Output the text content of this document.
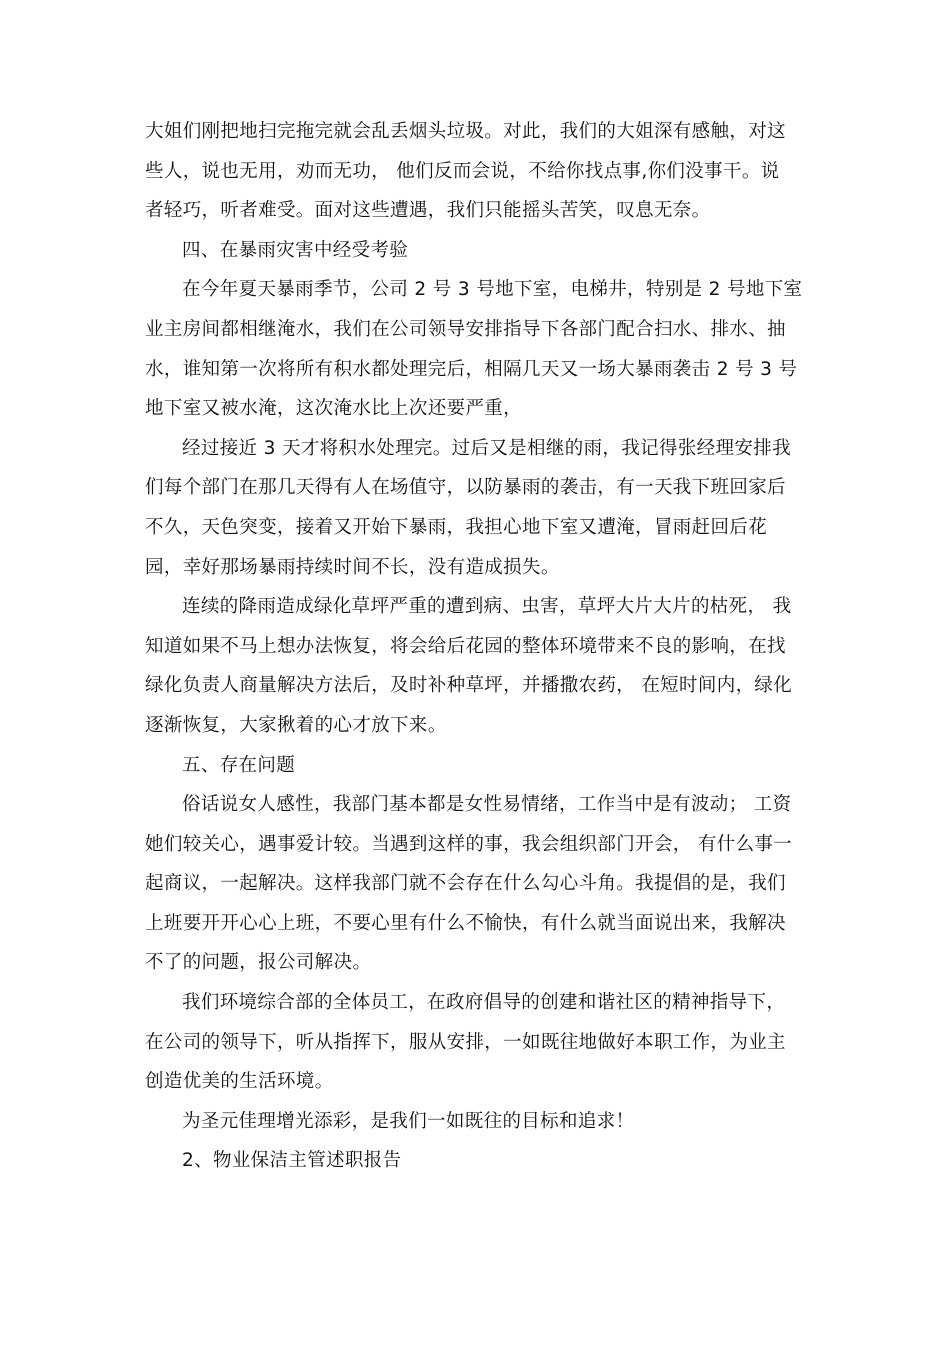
大姐们刚把地扫完拖完就会乱丢烟头垃圾。对此，我们的大姐深有感触，对这
些人，说也无用，劝而无功， 他们反而会说，不给你找点事,你们没事干。说
者轻巧，听者难受。面对这些遭遇，我们只能摇头苦笑，叹息无奈。
四、在暴雨灾害中经受考验
在今年夏天暴雨季节，公司 2 号 3 号地下室，电梯井，特别是 2 号地下室
业主房间都相继淹水，我们在公司领导安排指导下各部门配合扫水、排水、抽
水，谁知第一次将所有积水都处理完后，相隔几天又一场大暴雨袭击 2 号 3 号
地下室又被水淹，这次淹水比上次还要严重，
经过接近 3 天才将积水处理完。过后又是相继的雨，我记得张经理安排我
们每个部门在那几天得有人在场值守，以防暴雨的袭击，有一天我下班回家后
不久，天色突变，接着又开始下暴雨，我担心地下室又遭淹，冒雨赶回后花
园，幸好那场暴雨持续时间不长，没有造成损失。
连续的降雨造成绿化草坪严重的遭到病、虫害，草坪大片大片的枯死， 我
知道如果不马上想办法恢复，将会给后花园的整体环境带来不良的影响，在找
绿化负责人商量解决方法后，及时补种草坪，并播撒农药， 在短时间内，绿化
逐渐恢复，大家揪着的心才放下来。
五、存在问题
俗话说女人感性，我部门基本都是女性易情绪，工作当中是有波动； 工资
她们较关心，遇事爱计较。当遇到这样的事，我会组织部门开会， 有什么事一
起商议，一起解决。这样我部门就不会存在什么勾心斗角。我提倡的是，我们
上班要开开心心上班，不要心里有什么不愉快，有什么就当面说出来，我解决
不了的问题，报公司解决。
我们环境综合部的全体员工，在政府倡导的创建和谐社区的精神指导下，
在公司的领导下，听从指挥下，服从安排，一如既往地做好本职工作，为业主
创造优美的生活环境。
为圣元佳理增光添彩，是我们一如既往的目标和追求！
2、物业保洁主管述职报告
